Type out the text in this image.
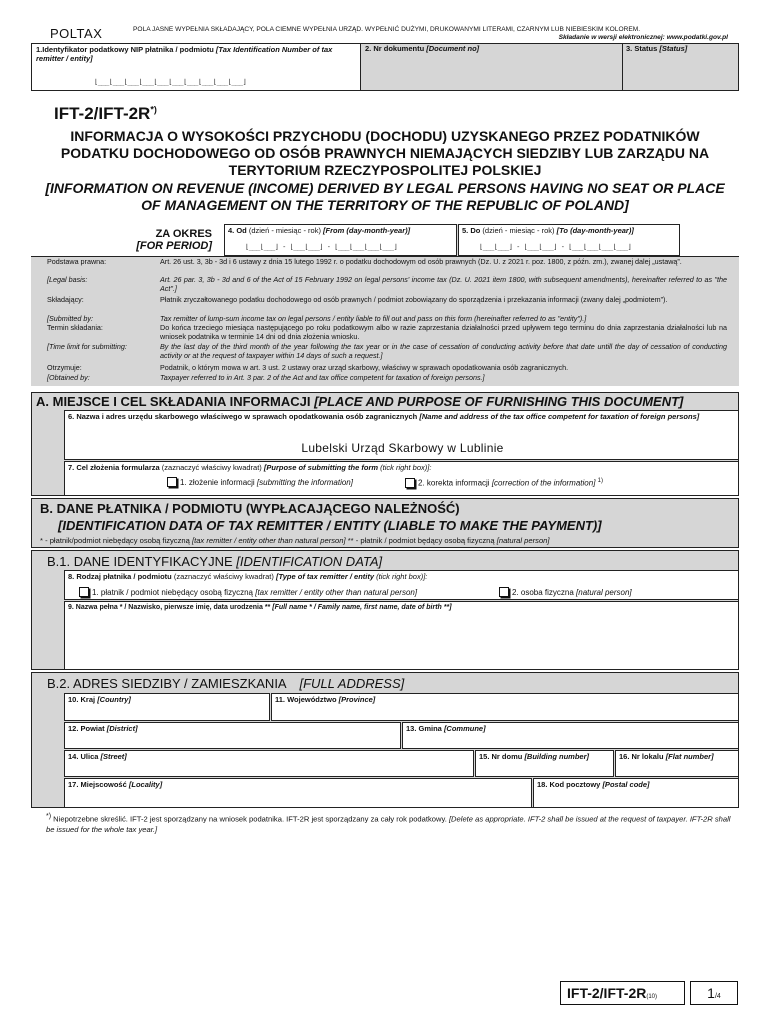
POLTAX	POLA JASNE WYPEŁNIA SKŁADAJĄCY, POLA CIEMNE WYPEŁNIA URZĄD. WYPEŁNIĆ DUŻYMI, DRUKOWANYMI LITERAMI, CZARNYM LUB NIEBIESKIM KOLOREM.
Składanie w wersji elektronicznej: www.podatki.gov.pl
1.Identyfikator podatkowy NIP płatnika / podmiotu [Tax Identification Number of tax remitter / entity]
⌊___⌊___⌊___⌊___⌊___⌊___⌊___⌊___⌊___⌊___⌋
2. Nr dokumentu [Document no]	3. Status [Status]
IFT-2/IFT-2R*)
INFORMACJA O WYSOKOŚCI PRZYCHODU (DOCHODU) UZYSKANEGO PRZEZ PODATNIKÓW PODATKU DOCHODOWEGO OD OSÓB PRAWNYCH NIEMAJĄCYCH SIEDZIBY LUB ZARZĄDU NA TERYTORIUM RZECZYPOSPOLITEJ POLSKIEJ
[INFORMATION ON REVENUE (INCOME) DERIVED BY LEGAL PERSONS HAVING NO SEAT OR PLACE OF MANAGEMENT ON THE TERRITORY OF THE REPUBLIC OF POLAND]
ZA OKRES
[FOR PERIOD]
4. Od (dzień - miesiąc - rok) [From (day-month-year)]
⌊___⌊___⌋ - ⌊___⌊___⌋ - ⌊___⌊___⌊___⌊___⌋
5. Do (dzień - miesiąc - rok) [To (day-month-year)]
⌊___⌊___⌋ - ⌊___⌊___⌋ - ⌊___⌊___⌊___⌊___⌋
Podstawa prawna:	Art. 26 ust. 3, 3b - 3d i 6 ustawy z dnia 15 lutego 1992 r. o podatku dochodowym od osób prawnych (Dz. U. z 2021 r. poz. 1800, z późn. zm.), zwanej dalej „ustawą”.
[Legal basis:	Art. 26 par. 3, 3b - 3d and 6 of the Act of 15 February 1992 on legal persons' income tax (Dz. U. 2021 item 1800, with subsequent amendments), hereinafter referred to as "the Act".]
Składający:	Płatnik zryczałtowanego podatku dochodowego od osób prawnych / podmiot zobowiązany do sporządzenia i przekazania informacji (zwany dalej „podmiotem”).
[Submitted by:	Tax remitter of lump-sum income tax on legal persons / entity liable to fill out and pass on this form (hereinafter referred to as "entity").]
Termin składania:	Do końca trzeciego miesiąca następującego po roku podatkowym albo w razie zaprzestania działalności przed upływem tego terminu do dnia zaprzestania działalności lub na wniosek podatnika w terminie 14 dni od dnia złożenia wniosku.
[Time limit for submitting:	By the last day of the third month of the year following the tax year or in the case of cessation of conducting activity before that date untill the day of cessation of conducting activity or at the request of taxpayer within 14 days of such a request.]
Otrzymuje:	Podatnik, o którym mowa w art. 3 ust. 2 ustawy oraz urząd skarbowy, właściwy w sprawach opodatkowania osób zagranicznych.
[Obtained by:	Taxpayer referred to in Art. 3 par. 2 of the Act and tax office competent for taxation of foreign persons.]
A. MIEJSCE I CEL SKŁADANIA INFORMACJI [PLACE AND PURPOSE OF FURNISHING THIS DOCUMENT]
6. Nazwa i adres urzędu skarbowego właściwego w sprawach opodatkowania osób zagranicznych [Name and address of the tax office competent for taxation of foreign persons]
Lubelski Urząd Skarbowy w Lublinie
7. Cel złożenia formularza (zaznaczyć właściwy kwadrat) [Purpose of submitting the form (tick right box)]:
1. złożenie informacji [submitting the information]	2. korekta informacji [correction of the information] $^{1)}$
B. DANE PŁATNIKA / PODMIOTU (WYPŁACAJĄCEGO NALEŻNOŚĆ)
[IDENTIFICATION DATA OF TAX REMITTER / ENTITY (LIABLE TO MAKE THE PAYMENT)]
* - płatnik/podmiot niebędący osobą fizyczną [tax remitter / entity other than natural person] ** - płatnik / podmiot będący osobą fizyczną [natural person]
B.1. DANE IDENTYFIKACYJNE [IDENTIFICATION DATA]
8. Rodzaj płatnika / podmiotu (zaznaczyć właściwy kwadrat) [Type of tax remitter / entity (tick right box)]:
1. płatnik / podmiot niebędący osobą fizyczną [tax remitter / entity other than natural person]	2. osoba fizyczna [natural person]
9. Nazwa pełna * / Nazwisko, pierwsze imię, data urodzenia ** [Full name * / Family name, first name, date of birth **]
B.2. ADRES SIEDZIBY / ZAMIESZKANIA [FULL ADDRESS]
10. Kraj [Country]	11. Województwo [Province]
12. Powiat [District]	13. Gmina [Commune]
14. Ulica [Street]	15. Nr domu [Building number]	16. Nr lokalu [Flat number]
17. Miejscowość [Locality]	18. Kod pocztowy [Postal code]
*) Niepotrzebne skreślić. IFT-2 jest sporządzany na wniosek podatnika. IFT-2R jest sporządzany za cały rok podatkowy. [Delete as appropriate. IFT-2 shall be issued at the request of taxpayer. IFT-2R shall be issued for the whole tax year.]
IFT-2/IFT-2R(10)	1/4
